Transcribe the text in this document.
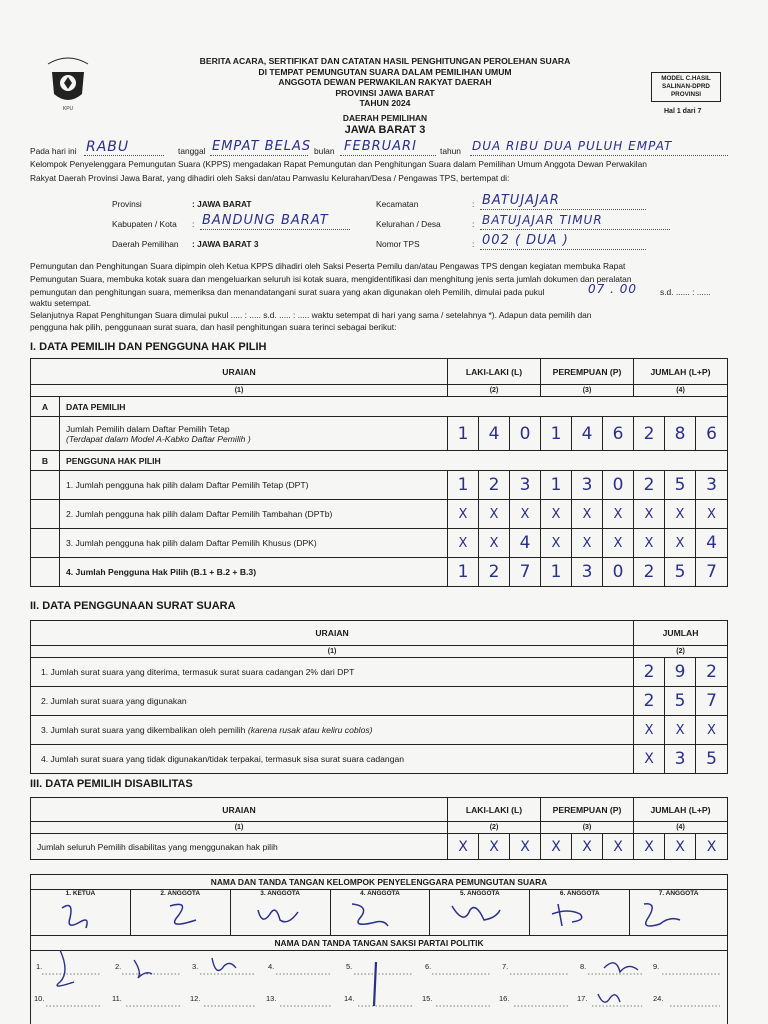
KPU
BERITA ACARA, SERTIFIKAT DAN CATATAN HASIL PENGHITUNGAN PEROLEHAN SUARA
DI TEMPAT PEMUNGUTAN SUARA DALAM PEMILIHAN UMUM
ANGGOTA DEWAN PERWAKILAN RAKYAT DAERAH
PROVINSI JAWA BARAT
TAHUN 2024
MODEL C.HASIL
SALINAN-DPRD
PROVINSI
Hal 1 dari 7
DAERAH PEMILIHAN
JAWA BARAT 3
Pada hari ini RABU	tanggal EMPAT BELAS bulan FEBRUARI	tahun DUA RIBU DUA PULUH EMPAT
Kelompok Penyelenggara Pemungutan Suara (KPPS) mengadakan Rapat Pemungutan dan Penghitungan Suara dalam Pemilihan Umum Anggota Dewan Perwakilan
Rakyat Daerah Provinsi Jawa Barat, yang dihadiri oleh Saksi dan/atau Panwaslu Kelurahan/Desa / Pengawas TPS, bertempat di:
Provinsi	: JAWA BARAT
Kabupaten / Kota : BANDUNG BARAT
Daerah Pemilihan : JAWA BARAT 3
Kecamatan	: BATUJAJAR
Kelurahan / Desa	: BATUJAJAR TIMUR
Nomor TPS	: 002 ( DUA )
Pemungutan dan Penghitungan Suara dipimpin oleh Ketua KPPS dihadiri oleh Saksi Peserta Pemilu dan/atau Pengawas TPS dengan kegiatan membuka Rapat
Pemungutan Suara, membuka kotak suara dan mengeluarkan seluruh isi kotak suara, mengidentifikasi dan menghitung jenis serta jumlah dokumen dan peralatan
pemungutan dan penghitungan suara, memeriksa dan menandatangani surat suara yang akan digunakan oleh Pemilih, dimulai pada pukul	07 . 00	s.d. ...... : ......
waktu setempat.
Selanjutnya Rapat Penghitungan Suara dimulai pukul ..... : ..... s.d. ..... : ..... waktu setempat di hari yang sama / setelahnya *). Adapun data pemilih dan
pengguna hak pilih, penggunaan surat suara, dan hasil penghitungan suara terinci sebagai berikut:
I. DATA PEMILIH DAN PENGGUNA HAK PILIH
URAIAN		LAKI-LAKI (L)			PEREMPUAN (P)			JUMLAH (L+P)		
(1)		(2)			(3)			(4)		
A	DATA PEMILIH									

	Jumlah Pemilih dalam Daftar Pemilih Tetap
(Terdapat dalam Model A-Kabko Daftar Pemilih )	1	4	0	1	4	6	2	8	6
B	PENGGUNA HAK PILIH									
	1. Jumlah pengguna hak pilih dalam Daftar Pemilih Tetap (DPT)	1	2	3	1	3	0	2	5	3
	2. Jumlah pengguna hak pilih dalam Daftar Pemilih Tambahan (DPTb)	X	X	X	X	X	X	X	X	X
	3. Jumlah pengguna hak pilih dalam Daftar Pemilih Khusus (DPK)	X	X	4	X	X	X	X	X	4
	4. Jumlah Pengguna Hak Pilih (B.1 + B.2 + B.3)	1	2	7	1	3	0	2	5	7
II. DATA PENGGUNAAN SURAT SUARA
URAIAN	JUMLAH		
(1)	(2)		
1. Jumlah surat suara yang diterima, termasuk surat suara cadangan 2% dari DPT	2	9	2
2. Jumlah surat suara yang digunakan	2	5	7
3. Jumlah surat suara yang dikembalikan oleh pemilih (karena rusak atau keliru coblos)	X	X	X
4. Jumlah surat suara yang tidak digunakan/tidak terpakai, termasuk sisa surat suara cadangan	X	3	5
III. DATA PEMILIH DISABILITAS
URAIAN	LAKI-LAKI (L)			PEREMPUAN (P)			JUMLAH (L+P)		
(1)	(2)			(3)			(4)		
Jumlah seluruh Pemilih disabilitas yang menggunakan hak pilih	X	X	X	X	X	X	X	X	X
NAMA DAN TANDA TANGAN KELOMPOK PENYELENGGARA PEMUNGUTAN SUARA
1. KETUA	2. ANGGOTA	3. ANGGOTA	4. ANGGOTA	5. ANGGOTA	6. ANGGOTA	7. ANGGOTA
NAMA DAN TANDA TANGAN SAKSI PARTAI POLITIK
1.	2.	3.	4.	5.	6.	7.	8.	9.
10.	11.	12.	13.	14.	15.	16.	17.	24.
